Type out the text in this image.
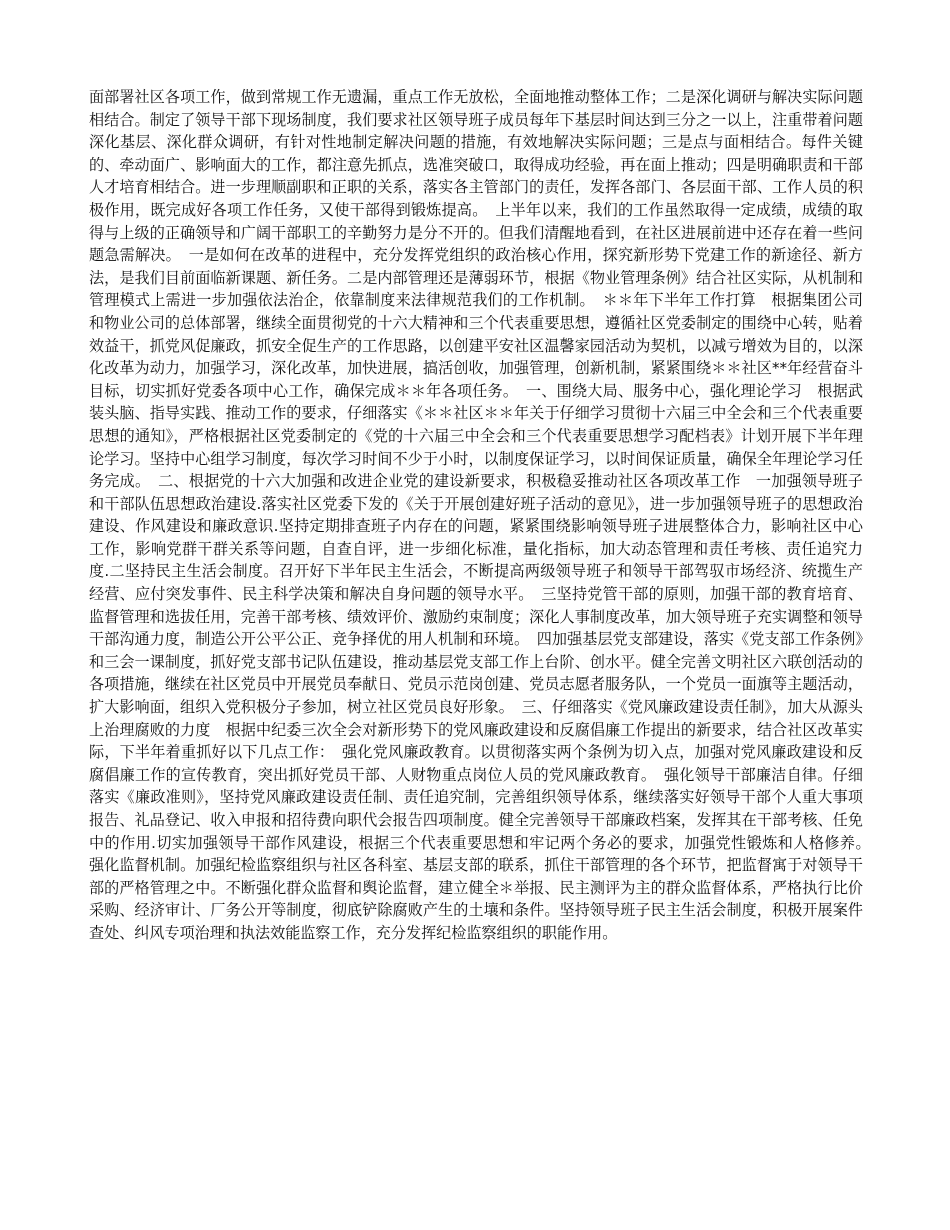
面部署社区各项工作，做到常规工作无遗漏，重点工作无放松，全面地推动整体工作；二是深化调研与解决实际问题相结合。制定了领导干部下现场制度，我们要求社区领导班子成员每年下基层时间达到三分之一以上，注重带着问题深化基层、深化群众调研，有针对性地制定解决问题的措施，有效地解决实际问题；三是点与面相结合。每件关键的、牵动面广、影响面大的工作，都注意先抓点，选准突破口，取得成功经验，再在面上推动；四是明确职责和干部人才培育相结合。进一步理顺副职和正职的关系，落实各主管部门的责任，发挥各部门、各层面干部、工作人员的积极作用，既完成好各项工作任务，又使干部得到锻炼提高。　上半年以来，我们的工作虽然取得一定成绩，成绩的取得与上级的正确领导和广阔干部职工的辛勤努力是分不开的。但我们清醒地看到，在社区进展前进中还存在着一些问题急需解决。　一是如何在改革的进程中，充分发挥党组织的政治核心作用，探究新形势下党建工作的新途径、新方法，是我们目前面临新课题、新任务。二是内部管理还是薄弱环节，根据《物业管理条例》结合社区实际，从机制和管理模式上需进一步加强依法治企，依靠制度来法律规范我们的工作机制。　＊＊年下半年工作打算　根据集团公司和物业公司的总体部署，继续全面贯彻党的十六大精神和三个代表重要思想，遵循社区党委制定的围绕中心转，贴着效益干，抓党风促廉政，抓安全促生产的工作思路，以创建平安社区温馨家园活动为契机，以减亏增效为目的，以深化改革为动力，加强学习，深化改革，加快进展，搞活创收，加强管理，创新机制，紧紧围绕＊＊社区**年经营奋斗目标，切实抓好党委各项中心工作，确保完成＊＊年各项任务。　一、围绕大局、服务中心，强化理论学习　根据武装头脑、指导实践、推动工作的要求，仔细落实《＊＊社区＊＊年关于仔细学习贯彻十六届三中全会和三个代表重要思想的通知》，严格根据社区党委制定的《党的十六届三中全会和三个代表重要思想学习配档表》计划开展下半年理论学习。坚持中心组学习制度，每次学习时间不少于小时，以制度保证学习，以时间保证质量，确保全年理论学习任务完成。　二、根据党的十六大加强和改进企业党的建设新要求，积极稳妥推动社区各项改革工作　一加强领导班子和干部队伍思想政治建设.落实社区党委下发的《关于开展创建好班子活动的意见》，进一步加强领导班子的思想政治建设、作风建设和廉政意识.坚持定期排查班子内存在的问题，紧紧围绕影响领导班子进展整体合力，影响社区中心工作，影响党群干群关系等问题，自查自评，进一步细化标准，量化指标，加大动态管理和责任考核、责任追究力度.二坚持民主生活会制度。召开好下半年民主生活会，不断提高两级领导班子和领导干部驾驭市场经济、统揽生产经营、应付突发事件、民主科学决策和解决自身问题的领导水平。　三坚持党管干部的原则，加强干部的教育培育、监督管理和选拔任用，完善干部考核、绩效评价、激励约束制度；深化人事制度改革，加大领导班子充实调整和领导干部沟通力度，制造公开公平公正、竞争择优的用人机制和环境。　四加强基层党支部建设，落实《党支部工作条例》和三会一课制度，抓好党支部书记队伍建设，推动基层党支部工作上台阶、创水平。健全完善文明社区六联创活动的各项措施，继续在社区党员中开展党员奉献日、党员示范岗创建、党员志愿者服务队，一个党员一面旗等主题活动，扩大影响面，组织入党积极分子参加，树立社区党员良好形象。　三、仔细落实《党风廉政建设责任制》，加大从源头上治理腐败的力度　根据中纪委三次全会对新形势下的党风廉政建设和反腐倡廉工作提出的新要求，结合社区改革实际，下半年着重抓好以下几点工作：　强化党风廉政教育。以贯彻落实两个条例为切入点，加强对党风廉政建设和反腐倡廉工作的宣传教育，突出抓好党员干部、人财物重点岗位人员的党风廉政教育。　强化领导干部廉洁自律。仔细落实《廉政准则》，坚持党风廉政建设责任制、责任追究制，完善组织领导体系，继续落实好领导干部个人重大事项报告、礼品登记、收入申报和招待费向职代会报告四项制度。健全完善领导干部廉政档案，发挥其在干部考核、任免中的作用.切实加强领导干部作风建设，根据三个代表重要思想和牢记两个务必的要求，加强党性锻炼和人格修养。　强化监督机制。加强纪检监察组织与社区各科室、基层支部的联系，抓住干部管理的各个环节，把监督寓于对领导干部的严格管理之中。不断强化群众监督和舆论监督，建立健全＊举报、民主测评为主的群众监督体系，严格执行比价采购、经济审计、厂务公开等制度，彻底铲除腐败产生的土壤和条件。坚持领导班子民主生活会制度，积极开展案件查处、纠风专项治理和执法效能监察工作，充分发挥纪检监察组织的职能作用。
